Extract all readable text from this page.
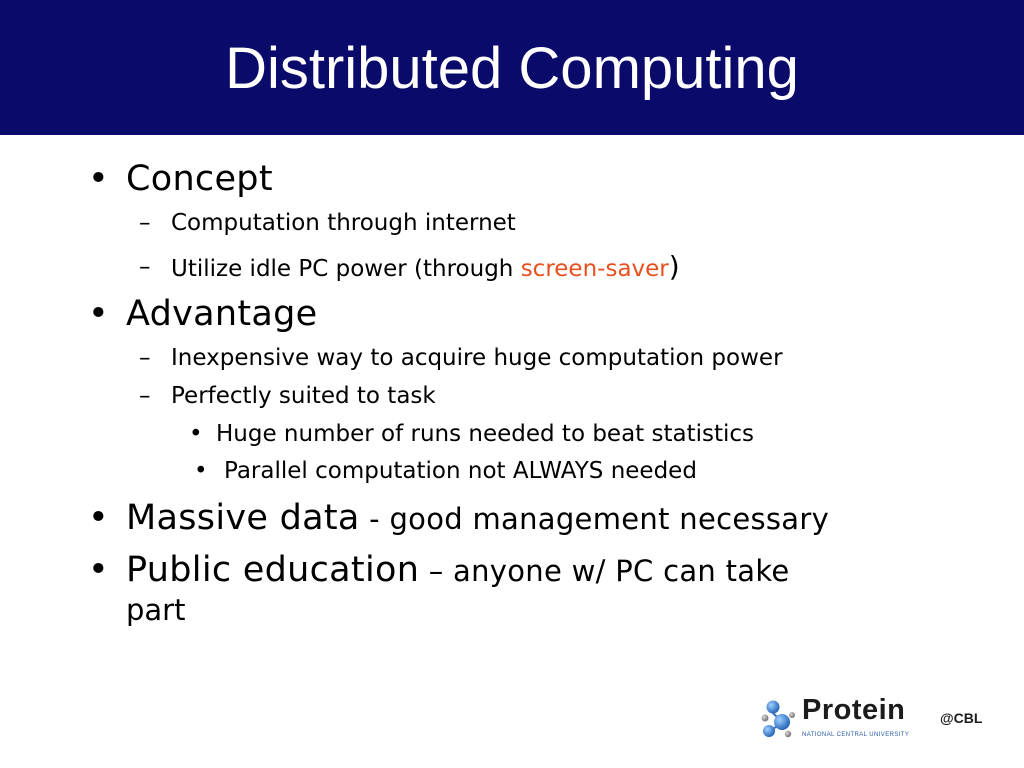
Distributed Computing
• Concept
– Computation through internet
– Utilize idle PC power (through screen-saver)
• Advantage
– Inexpensive way to acquire huge computation power
– Perfectly suited to task
• Huge number of runs needed to beat statistics
• Parallel computation not ALWAYS needed
• Massive data - good management necessary
• Public education – anyone w/ PC can take
part
Protein @CBL
NATIONAL CENTRAL UNIVERSITY
